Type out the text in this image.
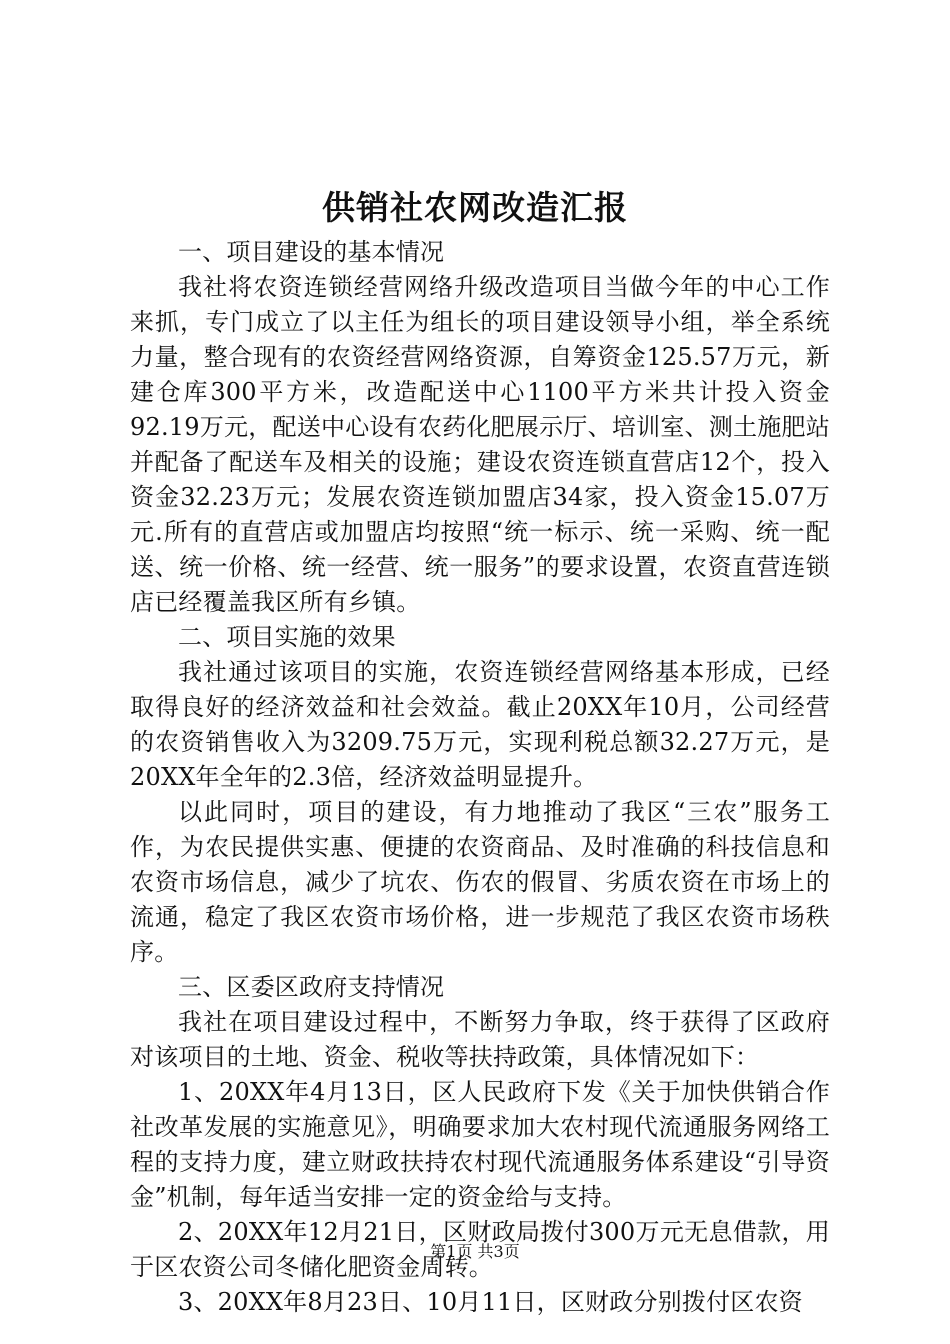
供销社农网改造汇报

一、项目建设的基本情况

我社将农资连锁经营网络升级改造项目当做今年的中心工作来抓，专门成立了以主任为组长的项目建设领导小组，举全系统力量，整合现有的农资经营网络资源，自筹资金125.57万元，新建仓库300平方米，改造配送中心1100平方米共计投入资金92.19万元，配送中心设有农药化肥展示厅、培训室、测土施肥站并配备了配送车及相关的设施；建设农资连锁直营店12个，投入资金32.23万元；发展农资连锁加盟店34家，投入资金15.07万元.所有的直营店或加盟店均按照“统一标示、统一采购、统一配送、统一价格、统一经营、统一服务”的要求设置，农资直营连锁店已经覆盖我区所有乡镇。

二、项目实施的效果

我社通过该项目的实施，农资连锁经营网络基本形成，已经取得良好的经济效益和社会效益。截止20XX年10月，公司经营的农资销售收入为3209.75万元，实现利税总额32.27万元，是20XX年全年的2.3倍，经济效益明显提升。

以此同时，项目的建设，有力地推动了我区“三农”服务工作，为农民提供实惠、便捷的农资商品、及时准确的科技信息和农资市场信息，减少了坑农、伤农的假冒、劣质农资在市场上的流通，稳定了我区农资市场价格，进一步规范了我区农资市场秩序。

三、区委区政府支持情况

我社在项目建设过程中，不断努力争取，终于获得了区政府对该项目的土地、资金、税收等扶持政策，具体情况如下：

1、20XX年4月13日，区人民政府下发《关于加快供销合作社改革发展的实施意见》，明确要求加大农村现代流通服务网络工程的支持力度，建立财政扶持农村现代流通服务体系建设“引导资金”机制，每年适当安排一定的资金给与支持。

2、20XX年12月21日，区财政局拨付300万元无息借款，用于区农资公司冬储化肥资金周转。

3、20XX年8月23日、10月11日，区财政分别拨付区农资

第1页 共3页
